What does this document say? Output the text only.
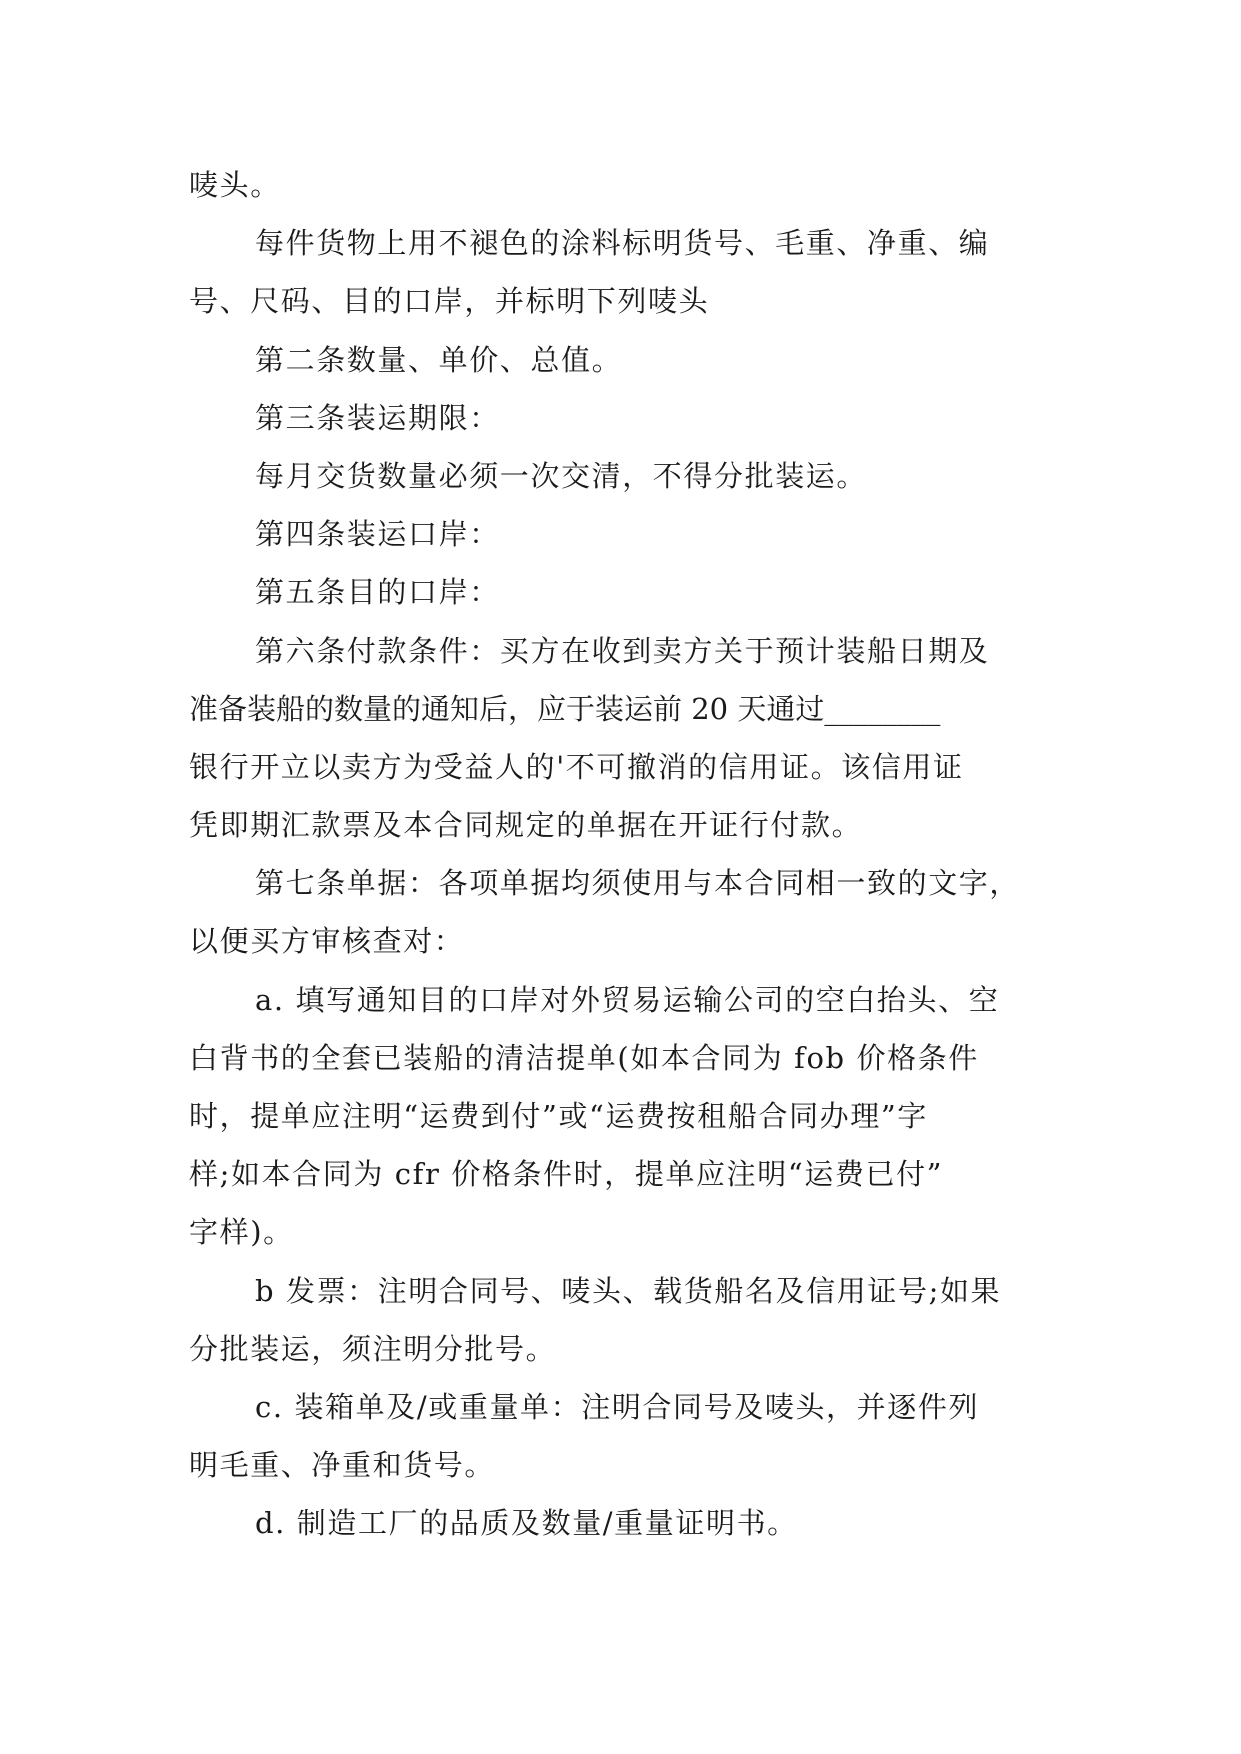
唛头。
每件货物上用不褪色的涂料标明货号、毛重、净重、编
号、尺码、目的口岸，并标明下列唛头
第二条数量、单价、总值。
第三条装运期限：
每月交货数量必须一次交清，不得分批装运。
第四条装运口岸：
第五条目的口岸：
第六条付款条件：买方在收到卖方关于预计装船日期及
准备装船的数量的通知后，应于装运前 20 天通过________
银行开立以卖方为受益人的'不可撤消的信用证。该信用证
凭即期汇款票及本合同规定的单据在开证行付款。
第七条单据：各项单据均须使用与本合同相一致的文字，
以便买方审核查对：
a. 填写通知目的口岸对外贸易运输公司的空白抬头、空
白背书的全套已装船的清洁提单(如本合同为 fob 价格条件
时，提单应注明“运费到付”或“运费按租船合同办理”字
样;如本合同为 cfr 价格条件时，提单应注明“运费已付”
字样)。
b 发票：注明合同号、唛头、载货船名及信用证号;如果
分批装运，须注明分批号。
c. 装箱单及/或重量单：注明合同号及唛头，并逐件列
明毛重、净重和货号。
d. 制造工厂的品质及数量/重量证明书。
